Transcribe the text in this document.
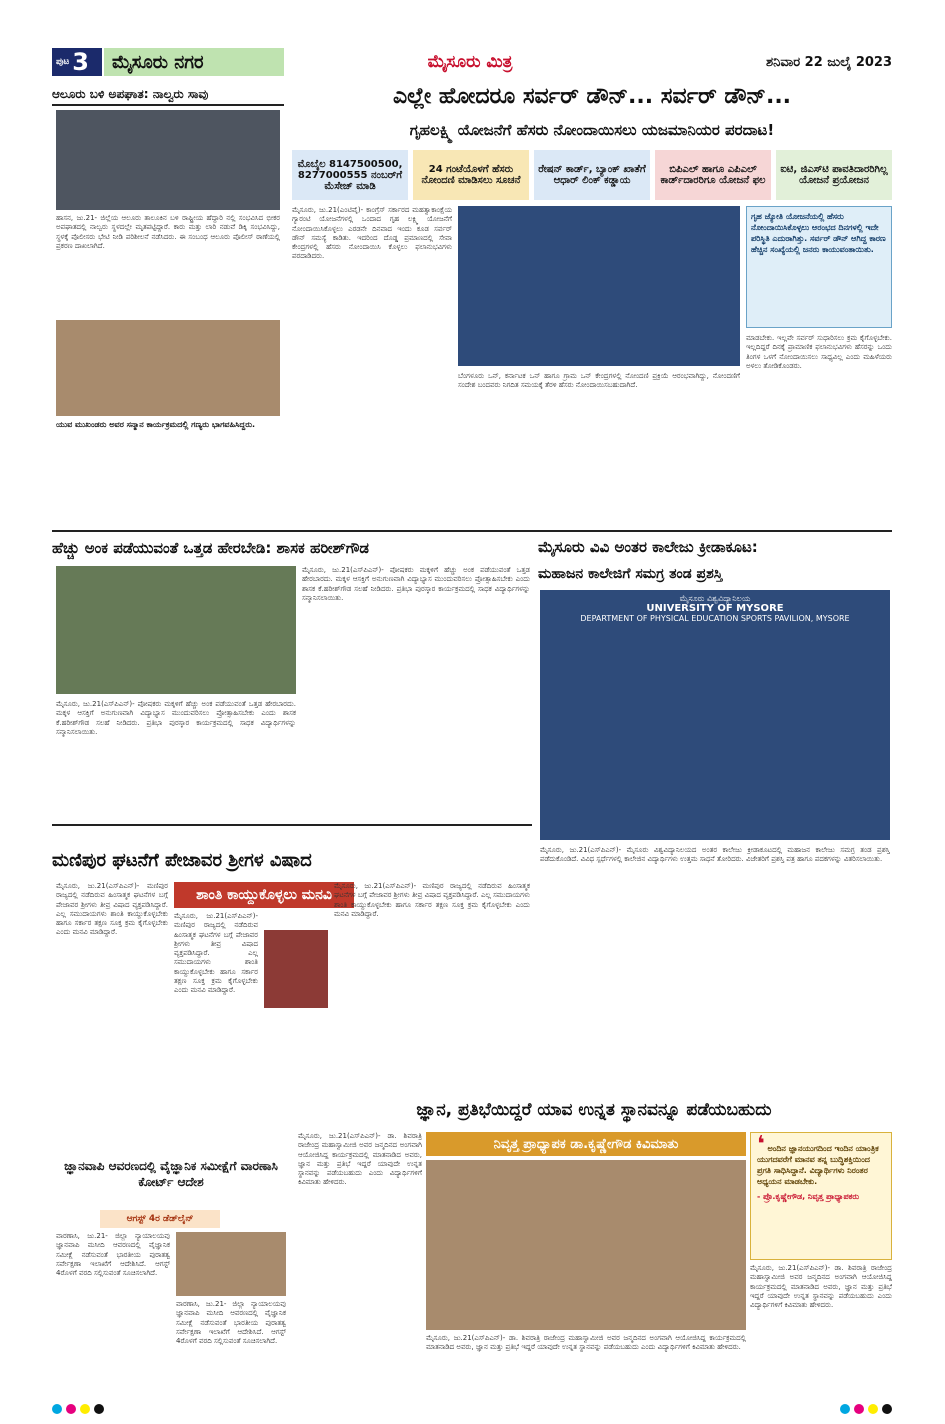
ಪುಟ 3	ಮೈಸೂರು ನಗರ	ಮೈಸೂರು ಮಿತ್ರ	ಶನಿವಾರ 22 ಜುಲೈ 2023
ಆಲೂರು ಬಳಿ ಅಪಘಾತ: ನಾಲ್ವರು ಸಾವು
ಹಾಸನ, ಜು.21- ಜಿಲ್ಲೆಯ ಆಲೂರು ತಾಲೂಕಿನ ಬಳಿ ರಾಷ್ಟ್ರೀಯ ಹೆದ್ದಾರಿ ನಲ್ಲಿ ಸಂಭವಿಸಿದ ಭೀಕರ ಅಪಘಾತದಲ್ಲಿ ನಾಲ್ವರು ಸ್ಥಳದಲ್ಲೇ ಮೃತಪಟ್ಟಿದ್ದಾರೆ. ಕಾರು ಮತ್ತು ಲಾರಿ ನಡುವೆ ಡಿಕ್ಕಿ ಸಂಭವಿಸಿದ್ದು, ಸ್ಥಳಕ್ಕೆ ಪೊಲೀಸರು ಭೇಟಿ ನೀಡಿ ಪರಿಶೀಲನೆ ನಡೆಸಿದರು. ಈ ಸಂಬಂಧ ಆಲೂರು ಪೊಲೀಸ್ ಠಾಣೆಯಲ್ಲಿ ಪ್ರಕರಣ ದಾಖಲಾಗಿದೆ.
ಯುವ ಮುಖಂಡರು ಅವರ ಸನ್ಮಾನ ಕಾರ್ಯಕ್ರಮದಲ್ಲಿ ಗಣ್ಯರು ಭಾಗವಹಿಸಿದ್ದರು.
ಎಲ್ಲೇ ಹೋದರೂ ಸರ್ವರ್ ಡೌನ್... ಸರ್ವರ್ ಡೌನ್...
ಗೃಹಲಕ್ಷ್ಮಿ ಯೋಜನೆಗೆ ಹೆಸರು ನೋಂದಾಯಿಸಲು ಯಜಮಾನಿಯರ ಪರದಾಟ!
ಮೊಬೈಲ 8147500500, 8277000555 ನಂಬರ್‌ಗೆ ಮೆಸೇಜ್ ಮಾಡಿ
24 ಗಂಟೆಯೊಳಗೆ ಹೆಸರು ನೋಂದಣಿ ಮಾಡಿಸಲು ಸೂಚನೆ
ರೇಷನ್ ಕಾರ್ಡ್, ಬ್ಯಾಂಕ್ ಖಾತೆಗೆ ಆಧಾರ್ ಲಿಂಕ್ ಕಡ್ಡಾಯ
ಬಿಪಿಎಲ್ ಹಾಗೂ ಎಪಿಎಲ್ ಕಾರ್ಡ್‌ದಾರರಿಗೂ ಯೋಜನೆ ಫಲ
ಐಟಿ, ಜಿಎಸ್‌ಟಿ ಪಾವತಿದಾರರಿಗಿಲ್ಲ ಯೋಜನೆ ಪ್ರಯೋಜನ
ಮೈಸೂರು, ಜು.21(ಎಂಟಿವೈ)- ಕಾಂಗ್ರೆಸ್ ಸರ್ಕಾರದ ಮಹತ್ವಾಕಾಂಕ್ಷೆಯ ಗ್ಯಾರಂಟಿ ಯೋಜನೆಗಳಲ್ಲಿ ಒಂದಾದ ಗೃಹ ಲಕ್ಷ್ಮಿ ಯೋಜನೆಗೆ ನೋಂದಾಯಿಸಿಕೊಳ್ಳಲು ಎರಡನೇ ದಿನವಾದ ಇಂದು ಕೂಡ ಸರ್ವರ್ ಡೌನ್ ಸಮಸ್ಯೆ ಕಾಡಿತು. ಇದರಿಂದ ದೊಡ್ಡ ಪ್ರಮಾಣದಲ್ಲಿ ಸೇವಾ ಕೇಂದ್ರಗಳಲ್ಲಿ ಹೆಸರು ನೋಂದಾಯಿಸಿ ಕೊಳ್ಳಲು ಫಲಾನುಭವಿಗಳು ಪರದಾಡಿದರು.
ಬೆಂಗಳೂರು ಒನ್, ಕರ್ನಾಟಕ ಒನ್ ಹಾಗೂ ಗ್ರಾಮ ಒನ್ ಕೇಂದ್ರಗಳಲ್ಲಿ ನೋಂದಣಿ ಪ್ರಕ್ರಿಯೆ ಆರಂಭವಾಗಿದ್ದು, ನೋಂದಣಿಗೆ ಸಂದೇಶ ಬಂದವರು ನಿಗದಿತ ಸಮಯಕ್ಕೆ ತೆರಳಿ ಹೆಸರು ನೋಂದಾಯಿಸಬಹುದಾಗಿದೆ.
ಗೃಹ ಜ್ಯೋತಿ ಯೋಜನೆಯಲ್ಲಿ ಹೆಸರು ನೋಂದಾಯಿಸಿಕೊಳ್ಳಲು ಆರಂಭದ ದಿನಗಳಲ್ಲಿ ಇದೇ ಪರಿಸ್ಥಿತಿ ಎದುರಾಗಿತ್ತು. ಸರ್ವರ್ ಡೌನ್ ಆಗಿದ್ದ ಕಾರಣ ಹೆಚ್ಚಿನ ಸಂಖ್ಯೆಯಲ್ಲಿ ಜನರು ಕಾಯುವಂತಾಯಿತು.
ಮಾಡಬೇಕು. ಇಲ್ಲವೇ ಸರ್ವರ್ ಸುಧಾರಿಸಲು ಕ್ರಮ ಕೈಗೊಳ್ಳಬೇಕು. ಇಲ್ಲದಿದ್ದರೆ ದಿನಕ್ಕೆ ಪ್ರಾಮಾಣಿಕ ಫಲಾನುಭವಿಗಳು ಹೆಸರನ್ನು ಒಂದು ತಿಂಗಳ ಒಳಗೆ ನೋಂದಾಯಿಸಲು ಸಾಧ್ಯವಿಲ್ಲ ಎಂದು ಮಹಿಳೆಯರು ಅಳಲು ತೋಡಿಕೊಂಡರು.
ಹೆಚ್ಚು ಅಂಕ ಪಡೆಯುವಂತೆ ಒತ್ತಡ ಹೇರಬೇಡಿ: ಶಾಸಕ ಹರೀಶ್‌ಗೌಡ
ಮೈಸೂರು, ಜು.21(ಎಸ್‌ಪಿಎನ್)- ಪೋಷಕರು ಮಕ್ಕಳಿಗೆ ಹೆಚ್ಚು ಅಂಕ ಪಡೆಯುವಂತೆ ಒತ್ತಡ ಹೇರಬಾರದು. ಮಕ್ಕಳ ಆಸಕ್ತಿಗೆ ಅನುಗುಣವಾಗಿ ವಿದ್ಯಾಭ್ಯಾಸ ಮುಂದುವರಿಸಲು ಪ್ರೋತ್ಸಾಹಿಸಬೇಕು ಎಂದು ಶಾಸಕ ಕೆ.ಹರೀಶ್‌ಗೌಡ ಸಲಹೆ ನೀಡಿದರು. ಪ್ರತಿಭಾ ಪುರಸ್ಕಾರ ಕಾರ್ಯಕ್ರಮದಲ್ಲಿ ಸಾಧಕ ವಿದ್ಯಾರ್ಥಿಗಳನ್ನು ಸನ್ಮಾನಿಸಲಾಯಿತು.
ಮೈಸೂರು, ಜು.21(ಎಸ್‌ಪಿಎನ್)- ಪೋಷಕರು ಮಕ್ಕಳಿಗೆ ಹೆಚ್ಚು ಅಂಕ ಪಡೆಯುವಂತೆ ಒತ್ತಡ ಹೇರಬಾರದು. ಮಕ್ಕಳ ಆಸಕ್ತಿಗೆ ಅನುಗುಣವಾಗಿ ವಿದ್ಯಾಭ್ಯಾಸ ಮುಂದುವರಿಸಲು ಪ್ರೋತ್ಸಾಹಿಸಬೇಕು ಎಂದು ಶಾಸಕ ಕೆ.ಹರೀಶ್‌ಗೌಡ ಸಲಹೆ ನೀಡಿದರು. ಪ್ರತಿಭಾ ಪುರಸ್ಕಾರ ಕಾರ್ಯಕ್ರಮದಲ್ಲಿ ಸಾಧಕ ವಿದ್ಯಾರ್ಥಿಗಳನ್ನು ಸನ್ಮಾನಿಸಲಾಯಿತು.
ಮೈಸೂರು ವಿವಿ ಅಂತರ ಕಾಲೇಜು ಕ್ರೀಡಾಕೂಟ:
ಮಹಾಜನ ಕಾಲೇಜಿಗೆ ಸಮಗ್ರ ತಂಡ ಪ್ರಶಸ್ತಿ
ಮೈಸೂರು ವಿಶ್ವವಿದ್ಯಾನಿಲಯ
UNIVERSITY OF MYSORE
DEPARTMENT OF PHYSICAL EDUCATION SPORTS PAVILION, MYSORE
ಮೈಸೂರು, ಜು.21(ಎಸ್‌ಪಿಎನ್)- ಮೈಸೂರು ವಿಶ್ವವಿದ್ಯಾನಿಲಯದ ಅಂತರ ಕಾಲೇಜು ಕ್ರೀಡಾಕೂಟದಲ್ಲಿ ಮಹಾಜನ ಕಾಲೇಜು ಸಮಗ್ರ ತಂಡ ಪ್ರಶಸ್ತಿ ಪಡೆದುಕೊಂಡಿದೆ. ವಿವಿಧ ಸ್ಪರ್ಧೆಗಳಲ್ಲಿ ಕಾಲೇಜಿನ ವಿದ್ಯಾರ್ಥಿಗಳು ಉತ್ತಮ ಸಾಧನೆ ತೋರಿದರು. ವಿಜೇತರಿಗೆ ಪ್ರಶಸ್ತಿ ಪತ್ರ ಹಾಗೂ ಪದಕಗಳನ್ನು ವಿತರಿಸಲಾಯಿತು.
ಮಣಿಪುರ ಘಟನೆಗೆ ಪೇಜಾವರ ಶ್ರೀಗಳ ವಿಷಾದ
ಶಾಂತಿ ಕಾಯ್ದುಕೊಳ್ಳಲು ಮನವಿ
ಮೈಸೂರು, ಜು.21(ಎಸ್‌ಪಿಎನ್)- ಮಣಿಪುರ ರಾಜ್ಯದಲ್ಲಿ ನಡೆದಿರುವ ಹಿಂಸಾತ್ಮಕ ಘಟನೆಗಳ ಬಗ್ಗೆ ಪೇಜಾವರ ಶ್ರೀಗಳು ತೀವ್ರ ವಿಷಾದ ವ್ಯಕ್ತಪಡಿಸಿದ್ದಾರೆ. ಎಲ್ಲ ಸಮುದಾಯಗಳು ಶಾಂತಿ ಕಾಯ್ದುಕೊಳ್ಳಬೇಕು ಹಾಗೂ ಸರ್ಕಾರ ತಕ್ಷಣ ಸೂಕ್ತ ಕ್ರಮ ಕೈಗೊಳ್ಳಬೇಕು ಎಂದು ಮನವಿ ಮಾಡಿದ್ದಾರೆ.
ಮೈಸೂರು, ಜು.21(ಎಸ್‌ಪಿಎನ್)- ಮಣಿಪುರ ರಾಜ್ಯದಲ್ಲಿ ನಡೆದಿರುವ ಹಿಂಸಾತ್ಮಕ ಘಟನೆಗಳ ಬಗ್ಗೆ ಪೇಜಾವರ ಶ್ರೀಗಳು ತೀವ್ರ ವಿಷಾದ ವ್ಯಕ್ತಪಡಿಸಿದ್ದಾರೆ. ಎಲ್ಲ ಸಮುದಾಯಗಳು ಶಾಂತಿ ಕಾಯ್ದುಕೊಳ್ಳಬೇಕು ಹಾಗೂ ಸರ್ಕಾರ ತಕ್ಷಣ ಸೂಕ್ತ ಕ್ರಮ ಕೈಗೊಳ್ಳಬೇಕು ಎಂದು ಮನವಿ ಮಾಡಿದ್ದಾರೆ.
ಮೈಸೂರು, ಜು.21(ಎಸ್‌ಪಿಎನ್)- ಮಣಿಪುರ ರಾಜ್ಯದಲ್ಲಿ ನಡೆದಿರುವ ಹಿಂಸಾತ್ಮಕ ಘಟನೆಗಳ ಬಗ್ಗೆ ಪೇಜಾವರ ಶ್ರೀಗಳು ತೀವ್ರ ವಿಷಾದ ವ್ಯಕ್ತಪಡಿಸಿದ್ದಾರೆ. ಎಲ್ಲ ಸಮುದಾಯಗಳು ಶಾಂತಿ ಕಾಯ್ದುಕೊಳ್ಳಬೇಕು ಹಾಗೂ ಸರ್ಕಾರ ತಕ್ಷಣ ಸೂಕ್ತ ಕ್ರಮ ಕೈಗೊಳ್ಳಬೇಕು ಎಂದು ಮನವಿ ಮಾಡಿದ್ದಾರೆ.
ಜ್ಞಾನವಾಪಿ ಆವರಣದಲ್ಲಿ ವೈಜ್ಞಾನಿಕ ಸಮೀಕ್ಷೆಗೆ ವಾರಣಾಸಿ ಕೋರ್ಟ್ ಆದೇಶ
ಆಗಸ್ಟ್ 4ರ ಡೆಡ್‌ಲೈನ್
ವಾರಣಾಸಿ, ಜು.21- ಜಿಲ್ಲಾ ನ್ಯಾಯಾಲಯವು ಜ್ಞಾನವಾಪಿ ಮಸೀದಿ ಆವರಣದಲ್ಲಿ ವೈಜ್ಞಾನಿಕ ಸಮೀಕ್ಷೆ ನಡೆಸುವಂತೆ ಭಾರತೀಯ ಪುರಾತತ್ವ ಸರ್ವೇಕ್ಷಣಾ ಇಲಾಖೆಗೆ ಆದೇಶಿಸಿದೆ. ಆಗಸ್ಟ್ 4ರೊಳಗೆ ವರದಿ ಸಲ್ಲಿಸುವಂತೆ ಸೂಚಿಸಲಾಗಿದೆ.
ವಾರಣಾಸಿ, ಜು.21- ಜಿಲ್ಲಾ ನ್ಯಾಯಾಲಯವು ಜ್ಞಾನವಾಪಿ ಮಸೀದಿ ಆವರಣದಲ್ಲಿ ವೈಜ್ಞಾನಿಕ ಸಮೀಕ್ಷೆ ನಡೆಸುವಂತೆ ಭಾರತೀಯ ಪುರಾತತ್ವ ಸರ್ವೇಕ್ಷಣಾ ಇಲಾಖೆಗೆ ಆದೇಶಿಸಿದೆ. ಆಗಸ್ಟ್ 4ರೊಳಗೆ ವರದಿ ಸಲ್ಲಿಸುವಂತೆ ಸೂಚಿಸಲಾಗಿದೆ.
ಜ್ಞಾನ, ಪ್ರತಿಭೆಯಿದ್ದರೆ ಯಾವ ಉನ್ನತ ಸ್ಥಾನವನ್ನೂ ಪಡೆಯಬಹುದು
ಮೈಸೂರು, ಜು.21(ಎಸ್‌ಪಿಎನ್)- ಡಾ. ಶಿವರಾತ್ರಿ ರಾಜೇಂದ್ರ ಮಹಾಸ್ವಾಮೀಜಿ ಅವರ ಜನ್ಮದಿನದ ಅಂಗವಾಗಿ ಆಯೋಜಿಸಿದ್ದ ಕಾರ್ಯಕ್ರಮದಲ್ಲಿ ಮಾತನಾಡಿದ ಅವರು, ಜ್ಞಾನ ಮತ್ತು ಪ್ರತಿಭೆ ಇದ್ದರೆ ಯಾವುದೇ ಉನ್ನತ ಸ್ಥಾನವನ್ನು ಪಡೆಯಬಹುದು ಎಂದು ವಿದ್ಯಾರ್ಥಿಗಳಿಗೆ ಕಿವಿಮಾತು ಹೇಳಿದರು.
ನಿವೃತ್ತ ಪ್ರಾಧ್ಯಾಪಕ ಡಾ.ಕೃಷ್ಣೇಗೌಡ ಕಿವಿಮಾತು	❛ ಅಂದಿನ ಜ್ಞಾನಯುಗದಿಂದ ಇಂದಿನ ಯಾಂತ್ರಿಕ ಯುಗದವರೆಗೆ ಮಾನವ ತನ್ನ ಬುದ್ಧಿಶಕ್ತಿಯಿಂದ ಪ್ರಗತಿ ಸಾಧಿಸಿದ್ದಾನೆ. ವಿದ್ಯಾರ್ಥಿಗಳು ನಿರಂತರ ಅಧ್ಯಯನ ಮಾಡಬೇಕು.
- ಪ್ರೊ.ಕೃಷ್ಣೇಗೌಡ, ನಿವೃತ್ತ ಪ್ರಾಧ್ಯಾಪಕರು
ಮೈಸೂರು, ಜು.21(ಎಸ್‌ಪಿಎನ್)- ಡಾ. ಶಿವರಾತ್ರಿ ರಾಜೇಂದ್ರ ಮಹಾಸ್ವಾಮೀಜಿ ಅವರ ಜನ್ಮದಿನದ ಅಂಗವಾಗಿ ಆಯೋಜಿಸಿದ್ದ ಕಾರ್ಯಕ್ರಮದಲ್ಲಿ ಮಾತನಾಡಿದ ಅವರು, ಜ್ಞಾನ ಮತ್ತು ಪ್ರತಿಭೆ ಇದ್ದರೆ ಯಾವುದೇ ಉನ್ನತ ಸ್ಥಾನವನ್ನು ಪಡೆಯಬಹುದು ಎಂದು ವಿದ್ಯಾರ್ಥಿಗಳಿಗೆ ಕಿವಿಮಾತು ಹೇಳಿದರು.
ಮೈಸೂರು, ಜು.21(ಎಸ್‌ಪಿಎನ್)- ಡಾ. ಶಿವರಾತ್ರಿ ರಾಜೇಂದ್ರ ಮಹಾಸ್ವಾಮೀಜಿ ಅವರ ಜನ್ಮದಿನದ ಅಂಗವಾಗಿ ಆಯೋಜಿಸಿದ್ದ ಕಾರ್ಯಕ್ರಮದಲ್ಲಿ ಮಾತನಾಡಿದ ಅವರು, ಜ್ಞಾನ ಮತ್ತು ಪ್ರತಿಭೆ ಇದ್ದರೆ ಯಾವುದೇ ಉನ್ನತ ಸ್ಥಾನವನ್ನು ಪಡೆಯಬಹುದು ಎಂದು ವಿದ್ಯಾರ್ಥಿಗಳಿಗೆ ಕಿವಿಮಾತು ಹೇಳಿದರು.
